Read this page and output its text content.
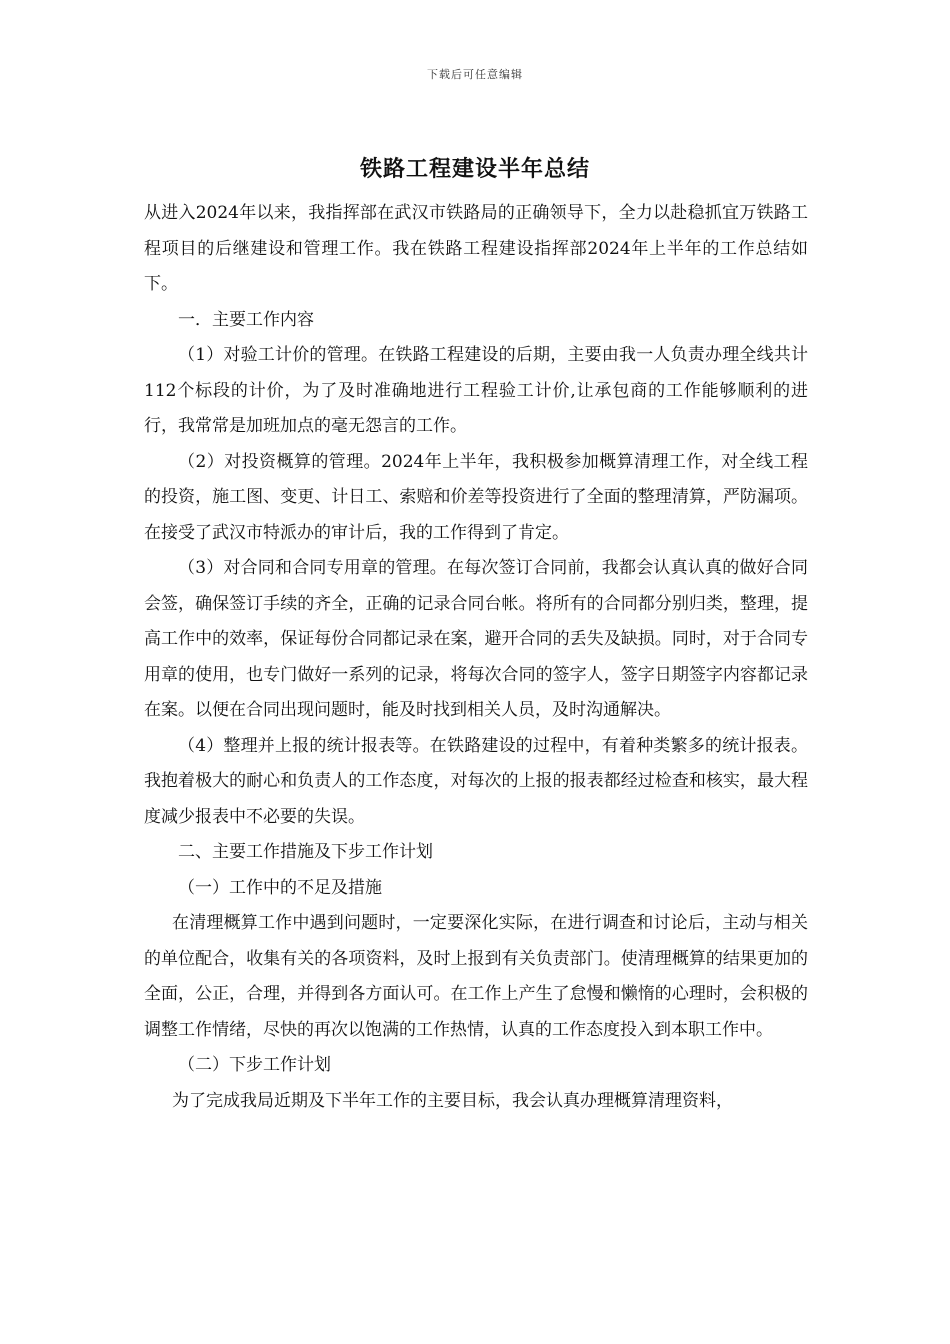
下载后可任意编辑
铁路工程建设半年总结

从进入2024年以来，我指挥部在武汉市铁路局的正确领导下，全力以赴稳抓宜万铁路工程项目的后继建设和管理工作。我在铁路工程建设指挥部2024年上半年的工作总结如下。

一．主要工作内容

（1）对验工计价的管理。在铁路工程建设的后期，主要由我一人负责办理全线共计112个标段的计价，为了及时准确地进行工程验工计价,让承包商的工作能够顺利的进行，我常常是加班加点的毫无怨言的工作。

（2）对投资概算的管理。2024年上半年，我积极参加概算清理工作，对全线工程的投资，施工图、变更、计日工、索赔和价差等投资进行了全面的整理清算，严防漏项。在接受了武汉市特派办的审计后，我的工作得到了肯定。

（3）对合同和合同专用章的管理。在每次签订合同前，我都会认真认真的做好合同会签，确保签订手续的齐全，正确的记录合同台帐。将所有的合同都分别归类，整理，提高工作中的效率，保证每份合同都记录在案，避开合同的丢失及缺损。同时，对于合同专用章的使用，也专门做好一系列的记录，将每次合同的签字人，签字日期签字内容都记录在案。以便在合同出现问题时，能及时找到相关人员，及时沟通解决。

（4）整理并上报的统计报表等。在铁路建设的过程中，有着种类繁多的统计报表。我抱着极大的耐心和负责人的工作态度，对每次的上报的报表都经过检查和核实，最大程度减少报表中不必要的失误。

二、主要工作措施及下步工作计划

（一）工作中的不足及措施

在清理概算工作中遇到问题时，一定要深化实际，在进行调查和讨论后，主动与相关的单位配合，收集有关的各项资料，及时上报到有关负责部门。使清理概算的结果更加的全面，公正，合理，并得到各方面认可。在工作上产生了怠慢和懒惰的心理时，会积极的调整工作情绪，尽快的再次以饱满的工作热情，认真的工作态度投入到本职工作中。

（二）下步工作计划

为了完成我局近期及下半年工作的主要目标，我会认真办理概算清理资料，
